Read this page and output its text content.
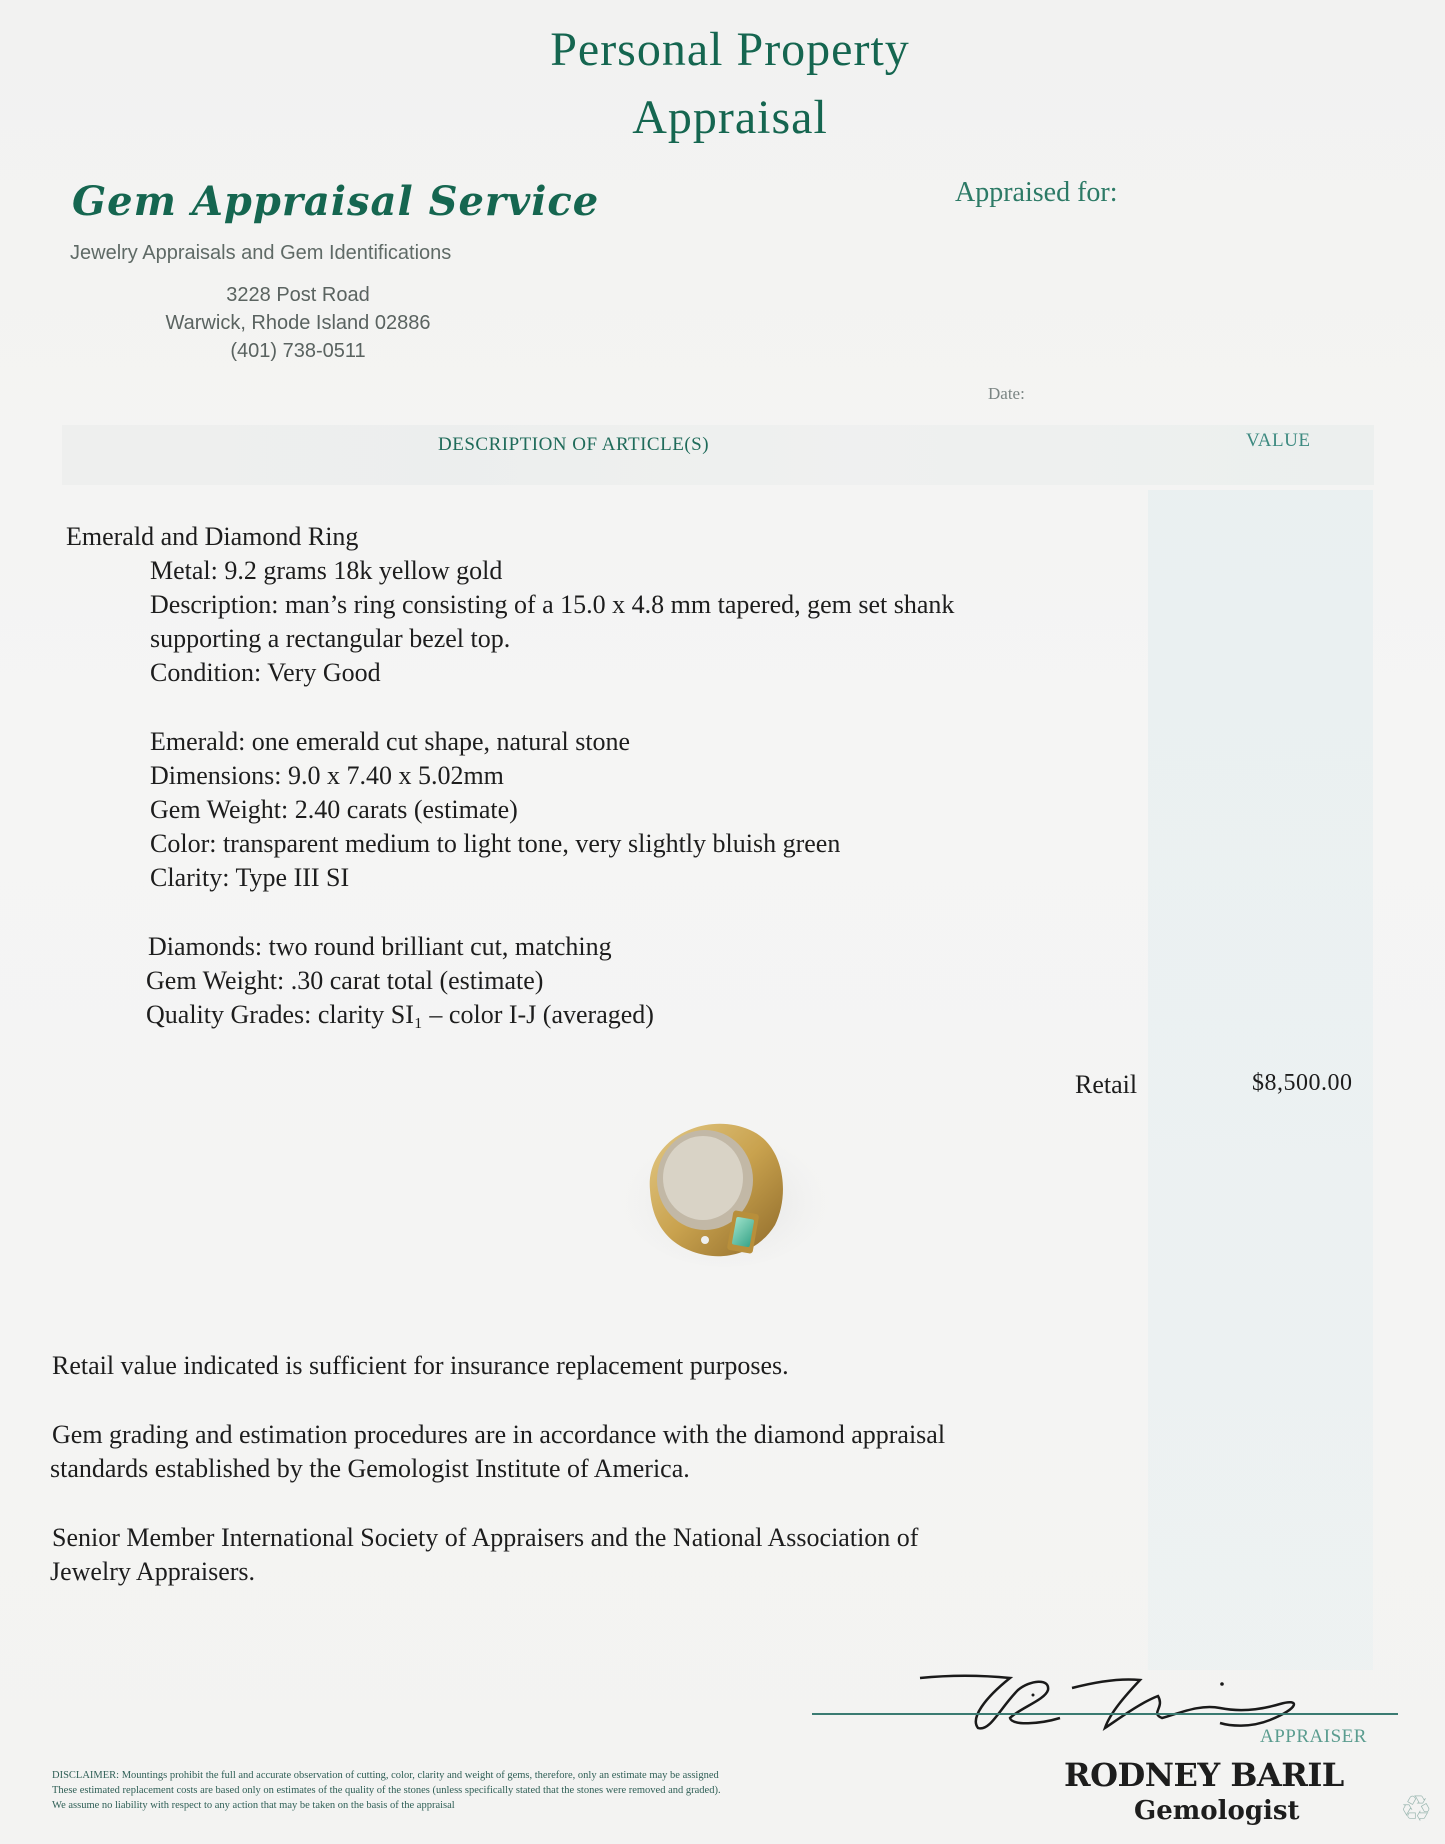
Personal Property
Appraisal
Gem Appraisal Service
Jewelry Appraisals and Gem Identifications
3228 Post Road
Warwick, Rhode Island 02886
(401) 738-0511
Appraised for:
Date:
DESCRIPTION OF ARTICLE(S)	VALUE
Emerald and Diamond Ring
Metal: 9.2 grams 18k yellow gold
Description: man’s ring consisting of a 15.0 x 4.8 mm tapered, gem set shank
supporting a rectangular bezel top.
Condition: Very Good
Emerald: one emerald cut shape, natural stone
Dimensions: 9.0 x 7.40 x 5.02mm
Gem Weight: 2.40 carats (estimate)
Color: transparent medium to light tone, very slightly bluish green
Clarity: Type III SI
Diamonds: two round brilliant cut, matching
Gem Weight: .30 carat total (estimate)
Quality Grades: clarity SI₁ – color I-J (averaged)
Retail	$8,500.00
Retail value indicated is sufficient for insurance replacement purposes.
Gem grading and estimation procedures are in accordance with the diamond appraisal
standards established by the Gemologist Institute of America.
Senior Member International Society of Appraisers and the National Association of
Jewelry Appraisers.
APPRAISER
RODNEY BARIL
Gemologist
DISCLAIMER: Mountings prohibit the full and accurate observation of cutting, color, clarity and weight of gems, therefore, only an estimate may be assigned
These estimated replacement costs are based only on estimates of the quality of the stones (unless specifically stated that the stones were removed and graded).
We assume no liability with respect to any action that may be taken on the basis of the appraisal	♲
